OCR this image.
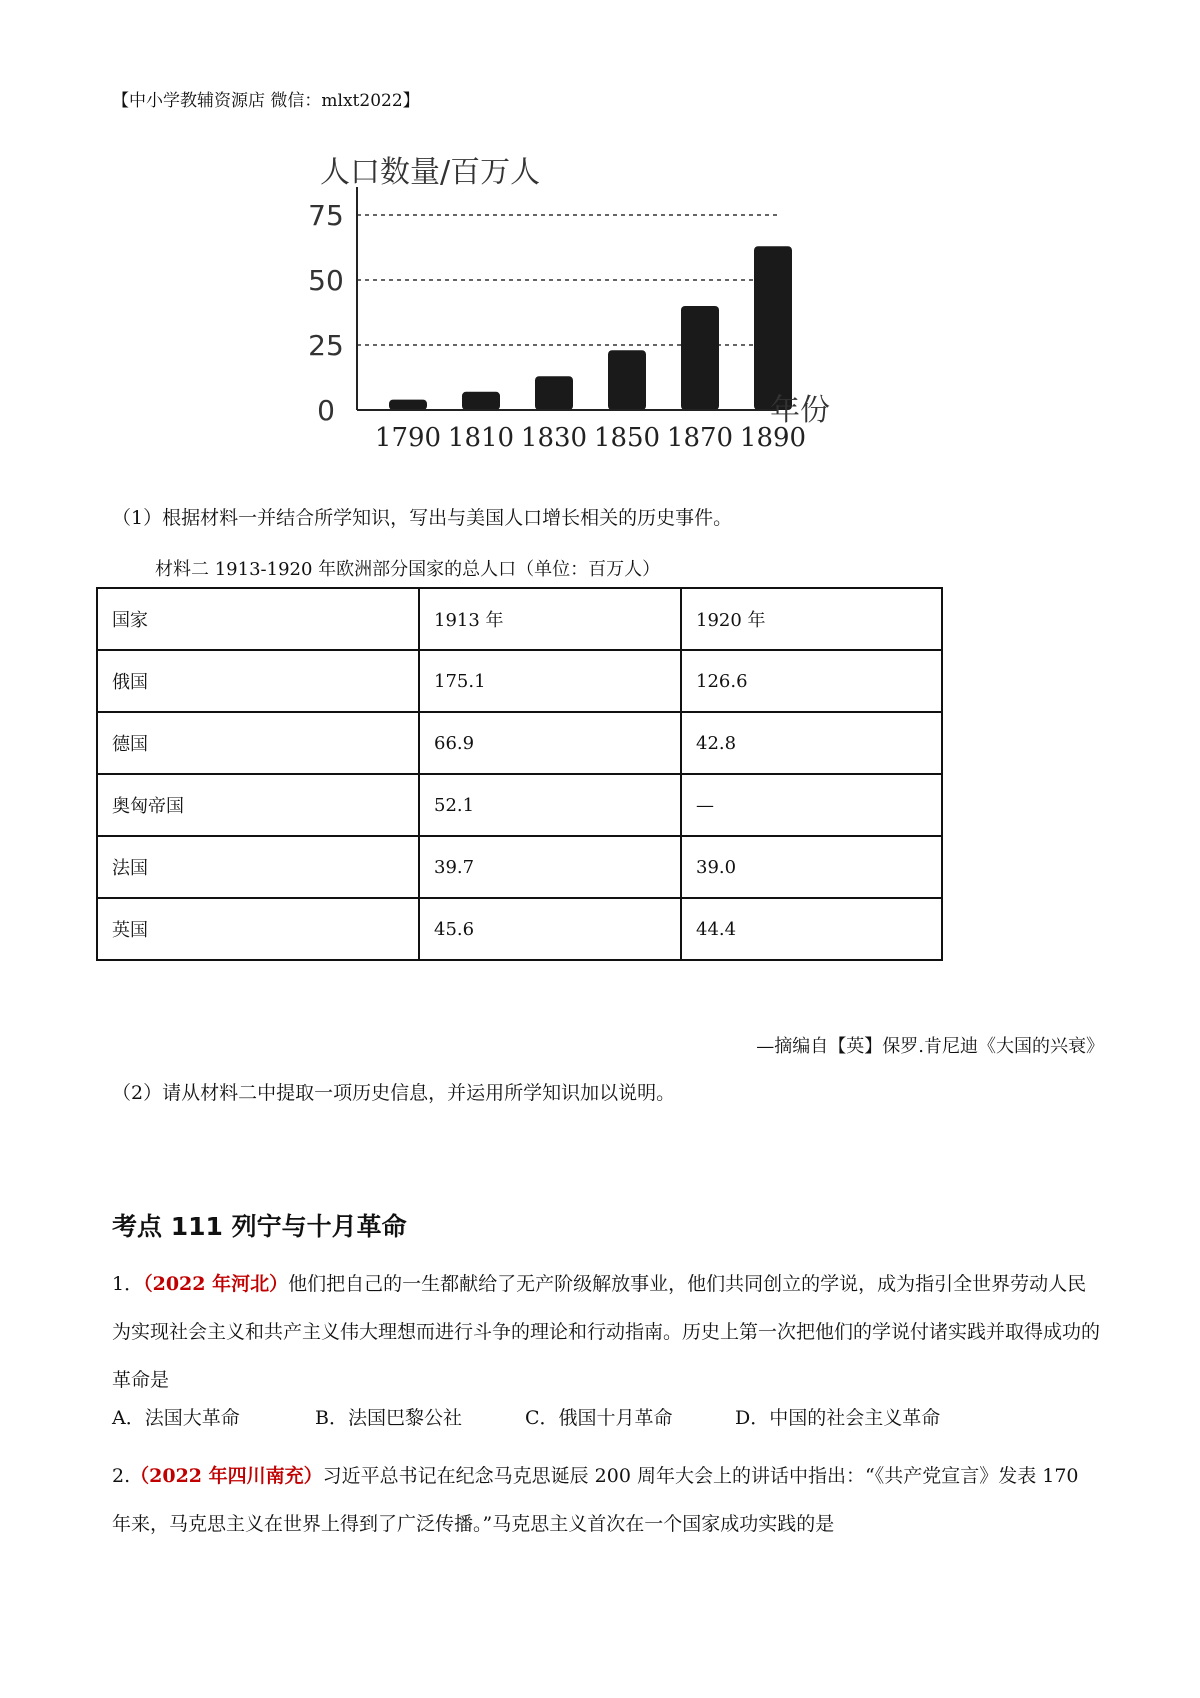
【中小学教辅资源店 微信：mlxt2022】
人口数量/百万人
0
25
50
75
1790 1810 1830 1850 1870 1890
年份
（1）根据材料一并结合所学知识，写出与美国人口增长相关的历史事件。
材料二 1913-1920 年欧洲部分国家的总人口（单位：百万人）
国家	1913 年	1920 年
俄国	175.1	126.6
德国	66.9	42.8
奥匈帝国	52.1	—
法国	39.7	39.0
英国	45.6	44.4
—摘编自【英】保罗.肯尼迪《大国的兴衰》
（2）请从材料二中提取一项历史信息，并运用所学知识加以说明。
考点 111 列宁与十月革命
1．（2022 年河北）他们把自己的一生都献给了无产阶级解放事业，他们共同创立的学说，成为指引全世界劳动人民为实现社会主义和共产主义伟大理想而进行斗争的理论和行动指南。历史上第一次把他们的学说付诸实践并取得成功的革命是
A．法国大革命	B．法国巴黎公社	C．俄国十月革命	D．中国的社会主义革命
2.（2022 年四川南充）习近平总书记在纪念马克思诞辰 200 周年大会上的讲话中指出：“《共产党宣言》发表 170 年来，马克思主义在世界上得到了广泛传播。”马克思主义首次在一个国家成功实践的是
